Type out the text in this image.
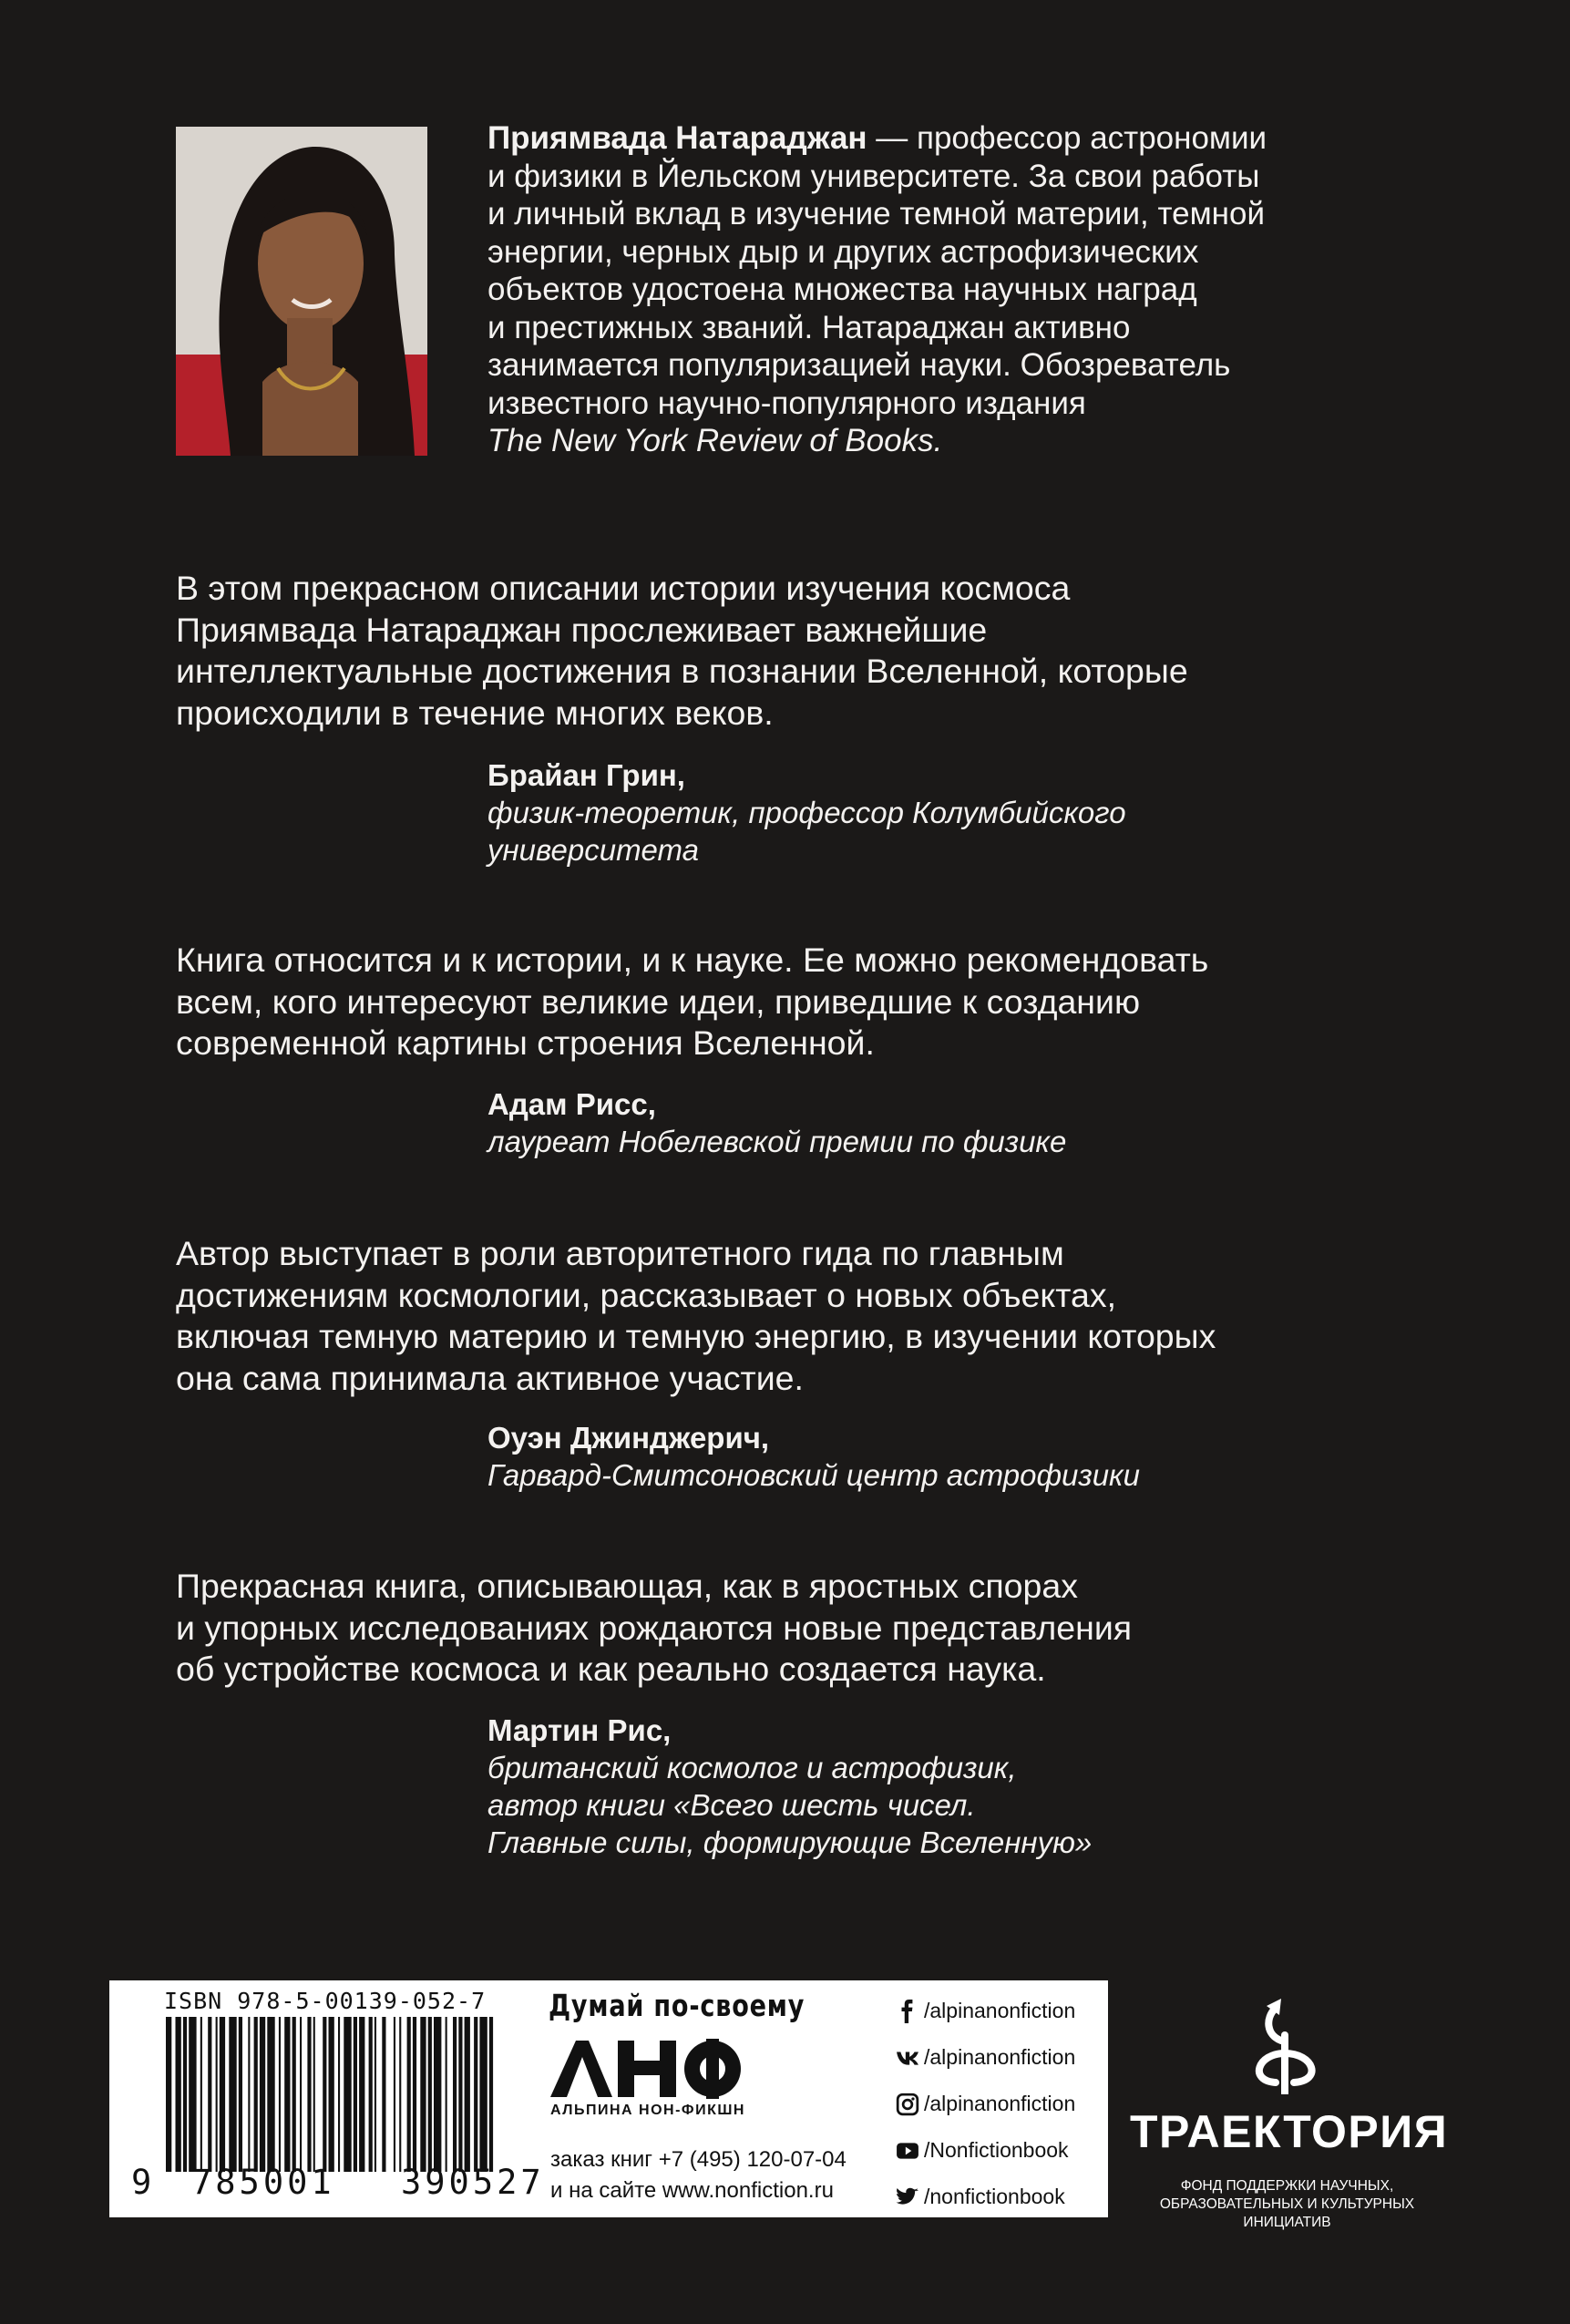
Приямвада Натараджан — профессор астрономии
и физики в Йельском университете. За свои работы
и личный вклад в изучение темной материи, темной
энергии, черных дыр и других астрофизических
объектов удостоена множества научных наград
и престижных званий. Натараджан активно
занимается популяризацией науки. Обозреватель
известного научно-популярного издания
The New York Review of Books.
В этом прекрасном описании истории изучения космоса
Приямвада Натараджан прослеживает важнейшие
интеллектуальные достижения в познании Вселенной, которые
происходили в течение многих веков.
Брайан Грин,
физик-теоретик, профессор Колумбийского
университета
Книга относится и к истории, и к науке. Ее можно рекомендовать
всем, кого интересуют великие идеи, приведшие к созданию
современной картины строения Вселенной.
Адам Рисс,
лауреат Нобелевской премии по физике
Автор выступает в роли авторитетного гида по главным
достижениям космологии, рассказывает о новых объектах,
включая темную материю и темную энергию, в изучении которых
она сама принимала активное участие.
Оуэн Джинджерич,
Гарвард-Смитсоновский центр астрофизики
Прекрасная книга, описывающая, как в яростных спорах
и упорных исследованиях рождаются новые представления
об устройстве космоса и как реально создается наука.
Мартин Рис,
британский космолог и астрофизик,
автор книги «Всего шесть чисел.
Главные силы, формирующие Вселенную»
ISBN 978-5-00139-052-7
9 785001 390527
Думай по-своему
АЛЬПИНА НОН-ФИКШН
заказ книг +7 (495) 120-07-04
и на сайте www.nonfiction.ru
/alpinanonfiction
/alpinanonfiction
/alpinanonfiction
/Nonfictionbook
/nonfictionbook
ТРАЕКТОРИЯ
ФОНД ПОДДЕРЖКИ НАУЧНЫХ,
ОБРАЗОВАТЕЛЬНЫХ И КУЛЬТУРНЫХ
ИНИЦИАТИВ
